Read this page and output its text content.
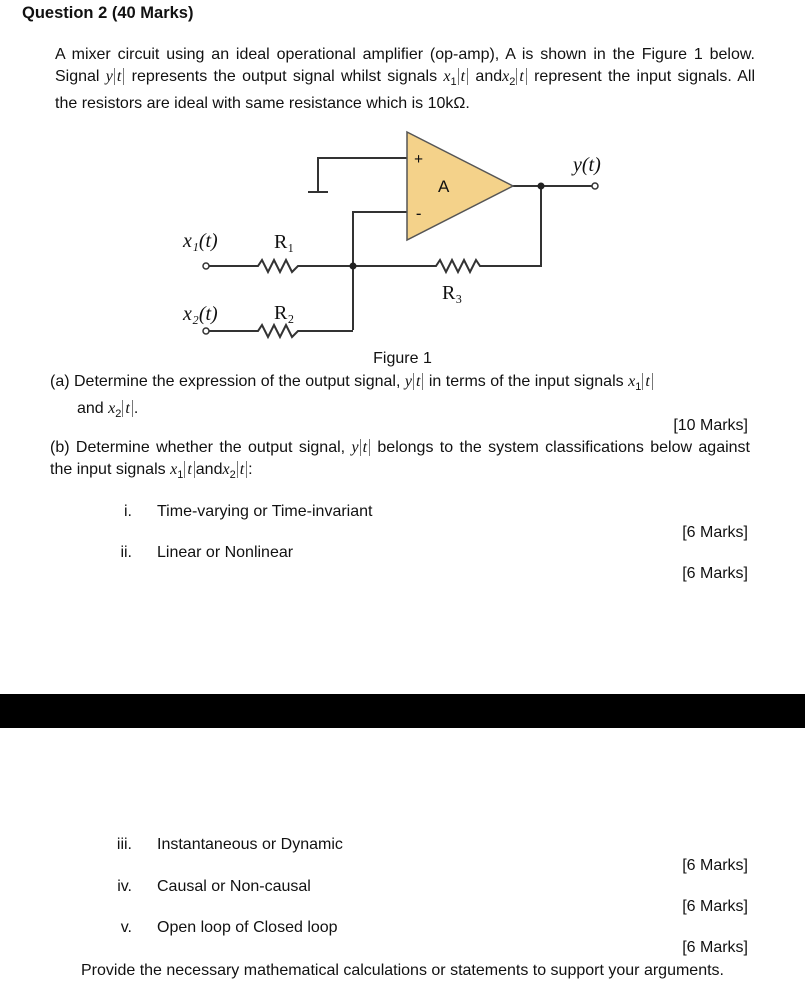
Question 2 (40 Marks)
A mixer circuit using an ideal operational amplifier (op-amp), A is shown in the Figure 1 below. Signal y t represents the output signal whilst signals $x_1$ t andx$_2$ t represent the input signals. All the resistors are ideal with same resistance which is 10kΩ.
+
-
A
y(t)
x₁(t)
x₂(t)
R₁
R₂
R₃
Figure 1
(a) Determine the expression of the output signal, y t in terms of the input signals $x_1$ t
and $x_2$ t .
[10 Marks]
(b) Determine whether the output signal, y t belongs to the system classifications below against the input signals $x_1$ t andx$_2$ t :
i. Time-varying or Time-invariant
[6 Marks]
ii. Linear or Nonlinear
[6 Marks]
iii. Instantaneous or Dynamic
[6 Marks]
iv. Causal or Non-causal
[6 Marks]
v. Open loop of Closed loop
[6 Marks]
Provide the necessary mathematical calculations or statements to support your arguments.
